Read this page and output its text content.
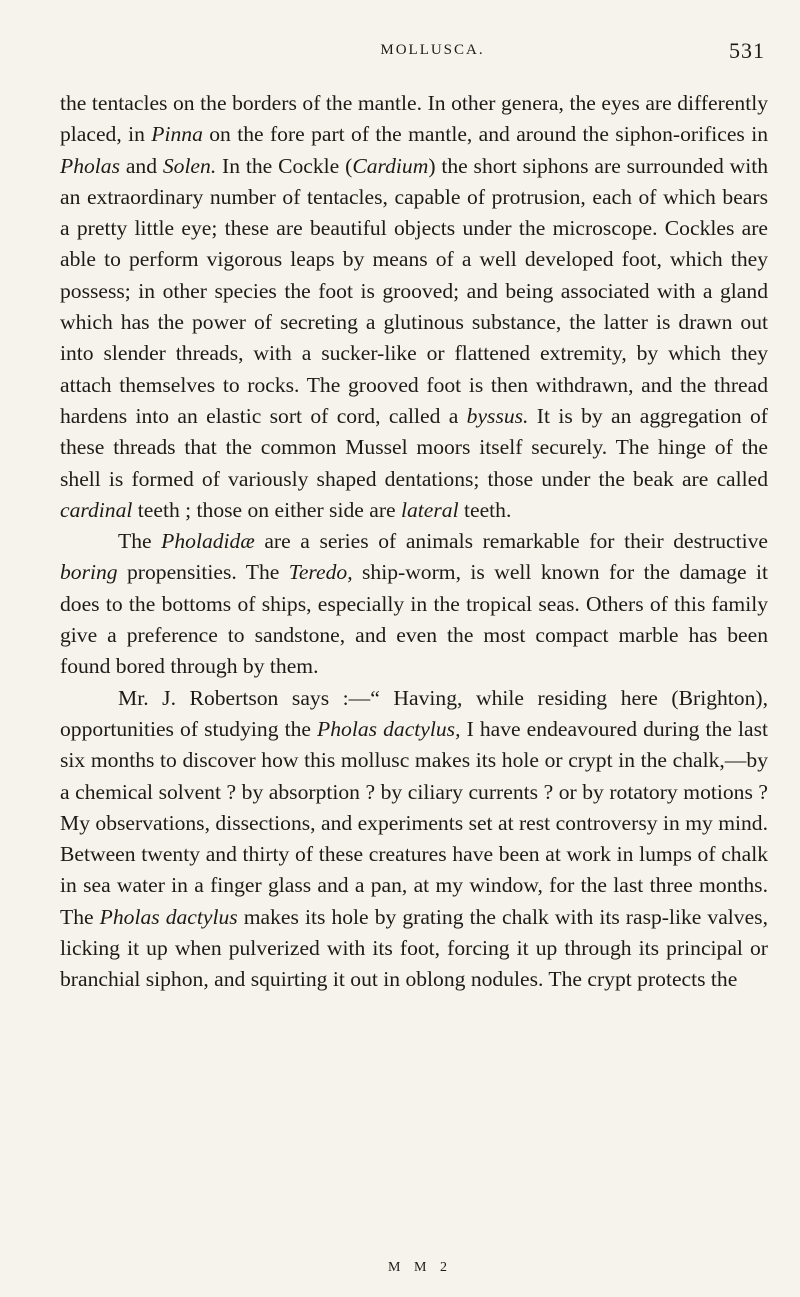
MOLLUSCA.	531

the tentacles on the borders of the mantle. In other genera, the eyes are differently placed, in Pinna on the fore part of the mantle, and around the siphon-orifices in Pholas and Solen. In the Cockle (Cardium) the short siphons are surrounded with an extraordinary number of tentacles, capable of protrusion, each of which bears a pretty little eye; these are beautiful objects under the microscope. Cockles are able to perform vigorous leaps by means of a well developed foot, which they possess; in other species the foot is grooved; and being associated with a gland which has the power of secreting a glutinous substance, the latter is drawn out into slender threads, with a sucker-like or flattened extremity, by which they attach themselves to rocks. The grooved foot is then withdrawn, and the thread hardens into an elastic sort of cord, called a byssus. It is by an aggregation of these threads that the common Mussel moors itself securely. The hinge of the shell is formed of variously shaped dentations; those under the beak are called cardinal teeth ; those on either side are lateral teeth.

The Pholadidæ are a series of animals remarkable for their destructive boring propensities. The Teredo, ship-worm, is well known for the damage it does to the bottoms of ships, especially in the tropical seas. Others of this family give a preference to sandstone, and even the most compact marble has been found bored through by them.

Mr. J. Robertson says :—“ Having, while residing here (Brighton), opportunities of studying the Pholas dactylus, I have endeavoured during the last six months to discover how this mollusc makes its hole or crypt in the chalk,—by a chemical solvent ? by absorption ? by ciliary currents ? or by rotatory motions ? My observations, dissections, and experiments set at rest controversy in my mind. Between twenty and thirty of these creatures have been at work in lumps of chalk in sea water in a finger glass and a pan, at my window, for the last three months. The Pholas dactylus makes its hole by grating the chalk with its rasp-like valves, licking it up when pulverized with its foot, forcing it up through its principal or branchial siphon, and squirting it out in oblong nodules. The crypt protects the

M M 2
